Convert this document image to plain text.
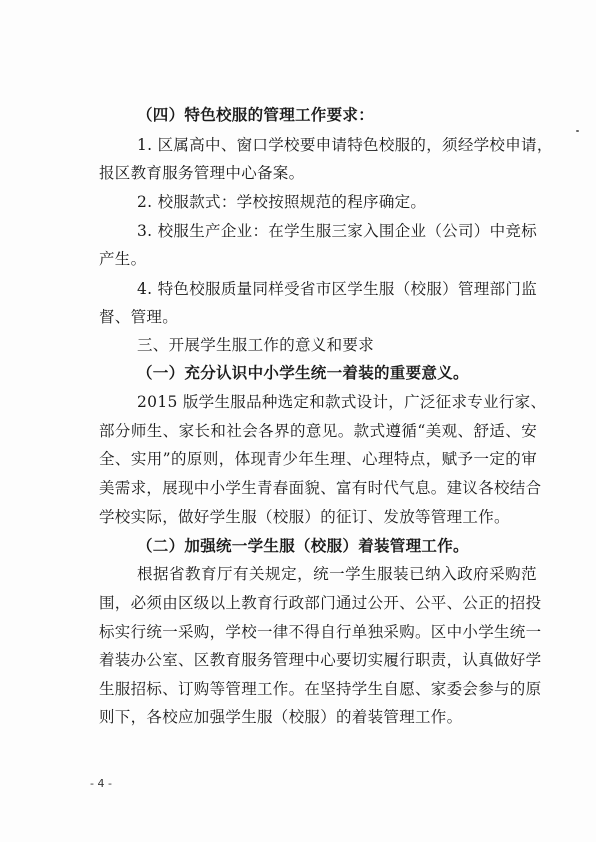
（四）特色校服的管理工作要求：
1. 区属高中、窗口学校要申请特色校服的，须经学校申请，
报区教育服务管理中心备案。
2. 校服款式：学校按照规范的程序确定。
3. 校服生产企业：在学生服三家入围企业（公司）中竞标
产生。
4. 特色校服质量同样受省市区学生服（校服）管理部门监
督、管理。
三、开展学生服工作的意义和要求
（一）充分认识中小学生统一着装的重要意义。
2015 版学生服品种选定和款式设计，广泛征求专业行家、
部分师生、家长和社会各界的意见。款式遵循“美观、舒适、安
全、实用”的原则，体现青少年生理、心理特点，赋予一定的审
美需求，展现中小学生青春面貌、富有时代气息。建议各校结合
学校实际，做好学生服（校服）的征订、发放等管理工作。
（二）加强统一学生服（校服）着装管理工作。
根据省教育厅有关规定，统一学生服装已纳入政府采购范
围，必须由区级以上教育行政部门通过公开、公平、公正的招投
标实行统一采购，学校一律不得自行单独采购。区中小学生统一
着装办公室、区教育服务管理中心要切实履行职责，认真做好学
生服招标、订购等管理工作。在坚持学生自愿、家委会参与的原
则下，各校应加强学生服（校服）的着装管理工作。
- 4 -
